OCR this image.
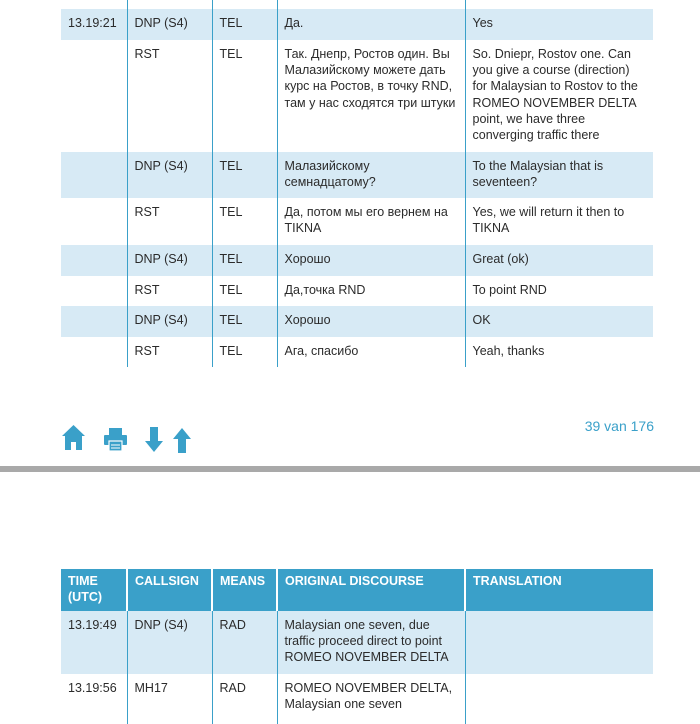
13.19:21	DNP (S4)	TEL	Да.	Yes
	RST	TEL	Так. Днепр, Ростов один. Вы Малазийскому можете дать курс на Ростов, в точку RND, там у нас сходятся три штуки	So. Dniepr, Rostov one. Can you give a course (direction) for Malaysian to Rostov to the ROMEO NOVEMBER DELTA point, we have three converging traffic there
	DNP (S4)	TEL	Малазийскому семнадцатому?	To the Malaysian that is seventeen?
	RST	TEL	Да, потом мы его вернем на TIKNA	Yes, we will return it then to TIKNA
	DNP (S4)	TEL	Хорошо	Great (ok)
	RST	TEL	Да,точка RND	To point RND
	DNP (S4)	TEL	Хорошо	OK
	RST	TEL	Ага, спасибо	Yeah, thanks
39 van 176
TIME (UTC)	CALLSIGN	MEANS	ORIGINAL DISCOURSE	TRANSLATION
13.19:49	DNP (S4)	RAD	Malaysian one seven, due traffic proceed direct to point ROMEO NOVEMBER DELTA	
13.19:56	MH17	RAD	ROMEO NOVEMBER DELTA, Malaysian one seven	
